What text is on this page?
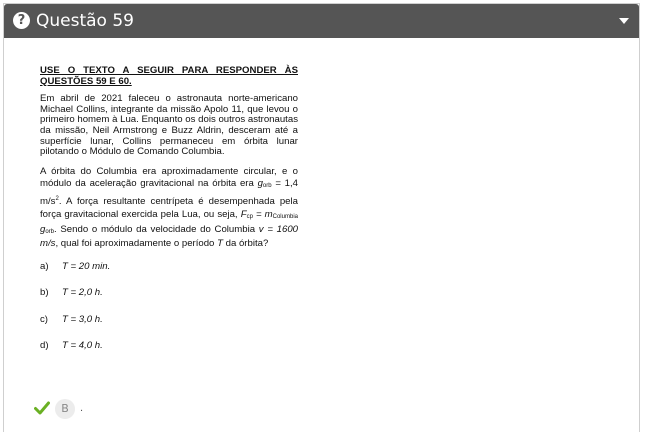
? Questão 59
USE O TEXTO A SEGUIR PARA RESPONDER ÀS QUESTÕES 59 E 60.
Em abril de 2021 faleceu o astronauta norte-americano Michael Collins, integrante da missão Apolo 11, que levou o primeiro homem à Lua. Enquanto os dois outros astronautas da missão, Neil Armstrong e Buzz Aldrin, desceram até a superfície lunar, Collins permaneceu em órbita lunar pilotando o Módulo de Comando Columbia.
A órbita do Columbia era aproximadamente circular, e o módulo da aceleração gravitacional na órbita era gorb = 1,4 $m/s^2$. A força resultante centrípeta é desempenhada pela força gravitacional exercida pela Lua, ou seja, Fcp = mColumbia gorb. Sendo o módulo da velocidade do Columbia v = 1600 m/s, qual foi aproximadamente o período T da órbita?
a) T = 20 min.
b) T = 2,0 h.
c) T = 3,0 h.
d) T = 4,0 h.
B	.
